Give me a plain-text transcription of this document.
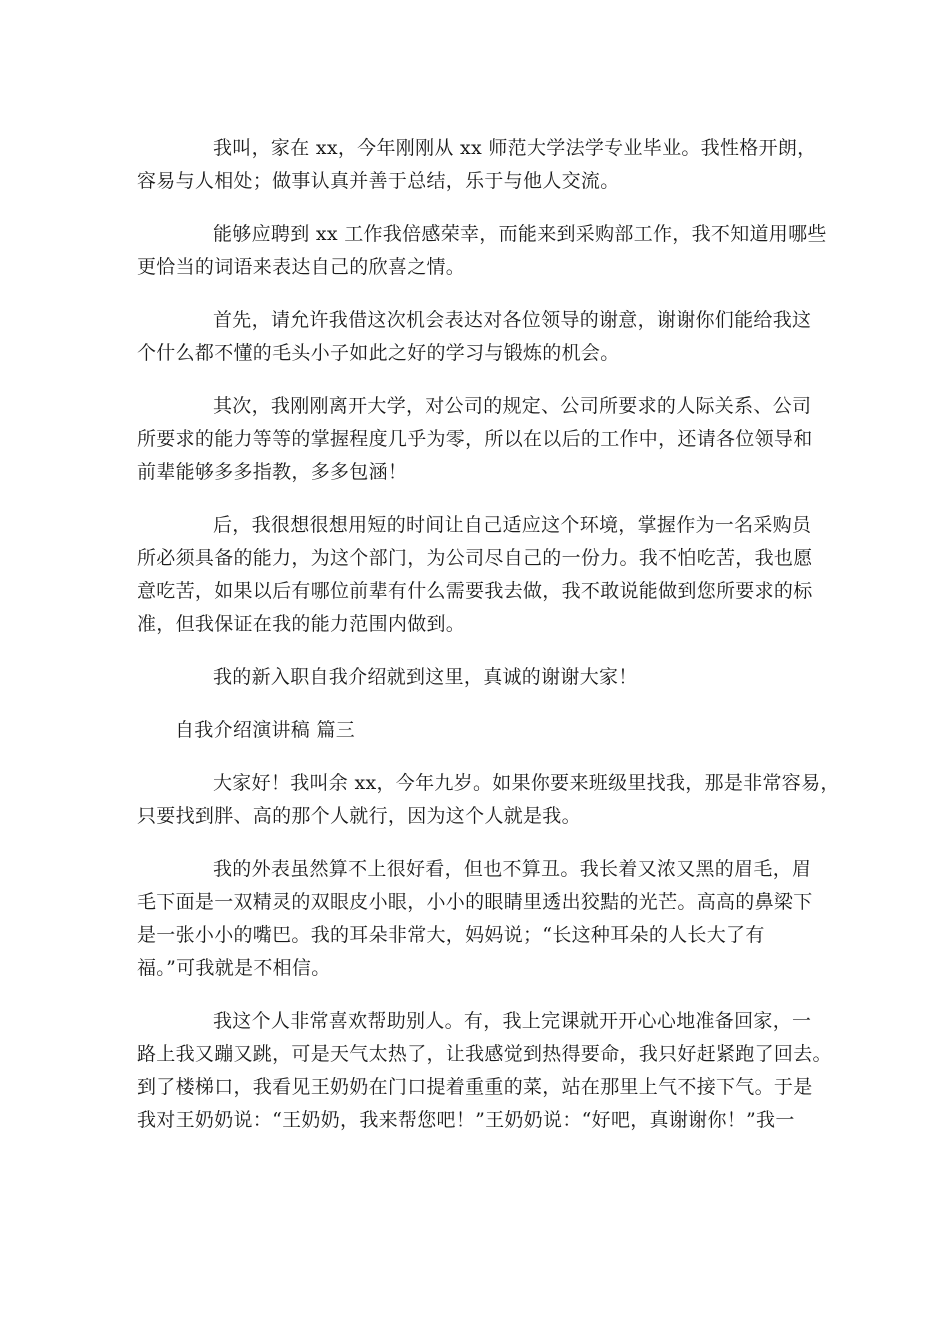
我叫，家在 xx，今年刚刚从 xx 师范大学法学专业毕业。我性格开朗，
容易与人相处；做事认真并善于总结，乐于与他人交流。

能够应聘到 xx 工作我倍感荣幸，而能来到采购部工作，我不知道用哪些
更恰当的词语来表达自己的欣喜之情。

首先，请允许我借这次机会表达对各位领导的谢意，谢谢你们能给我这
个什么都不懂的毛头小子如此之好的学习与锻炼的机会。

其次，我刚刚离开大学，对公司的规定、公司所要求的人际关系、公司
所要求的能力等等的掌握程度几乎为零，所以在以后的工作中，还请各位领导和
前辈能够多多指教，多多包涵！

后，我很想很想用短的时间让自己适应这个环境，掌握作为一名采购员
所必须具备的能力，为这个部门，为公司尽自己的一份力。我不怕吃苦，我也愿
意吃苦，如果以后有哪位前辈有什么需要我去做，我不敢说能做到您所要求的标
准，但我保证在我的能力范围内做到。

我的新入职自我介绍就到这里，真诚的谢谢大家！

自我介绍演讲稿 篇三

大家好！我叫余 xx，今年九岁。如果你要来班级里找我，那是非常容易，
只要找到胖、高的那个人就行，因为这个人就是我。

我的外表虽然算不上很好看，但也不算丑。我长着又浓又黑的眉毛，眉
毛下面是一双精灵的双眼皮小眼，小小的眼睛里透出狡黠的光芒。高高的鼻梁下
是一张小小的嘴巴。我的耳朵非常大，妈妈说；“长这种耳朵的人长大了有
福。”可我就是不相信。

我这个人非常喜欢帮助别人。有，我上完课就开开心心地准备回家，一
路上我又蹦又跳，可是天气太热了，让我感觉到热得要命，我只好赶紧跑了回去。
到了楼梯口，我看见王奶奶在门口提着重重的菜，站在那里上气不接下气。于是
我对王奶奶说：“王奶奶，我来帮您吧！”王奶奶说：“好吧，真谢谢你！”我一
